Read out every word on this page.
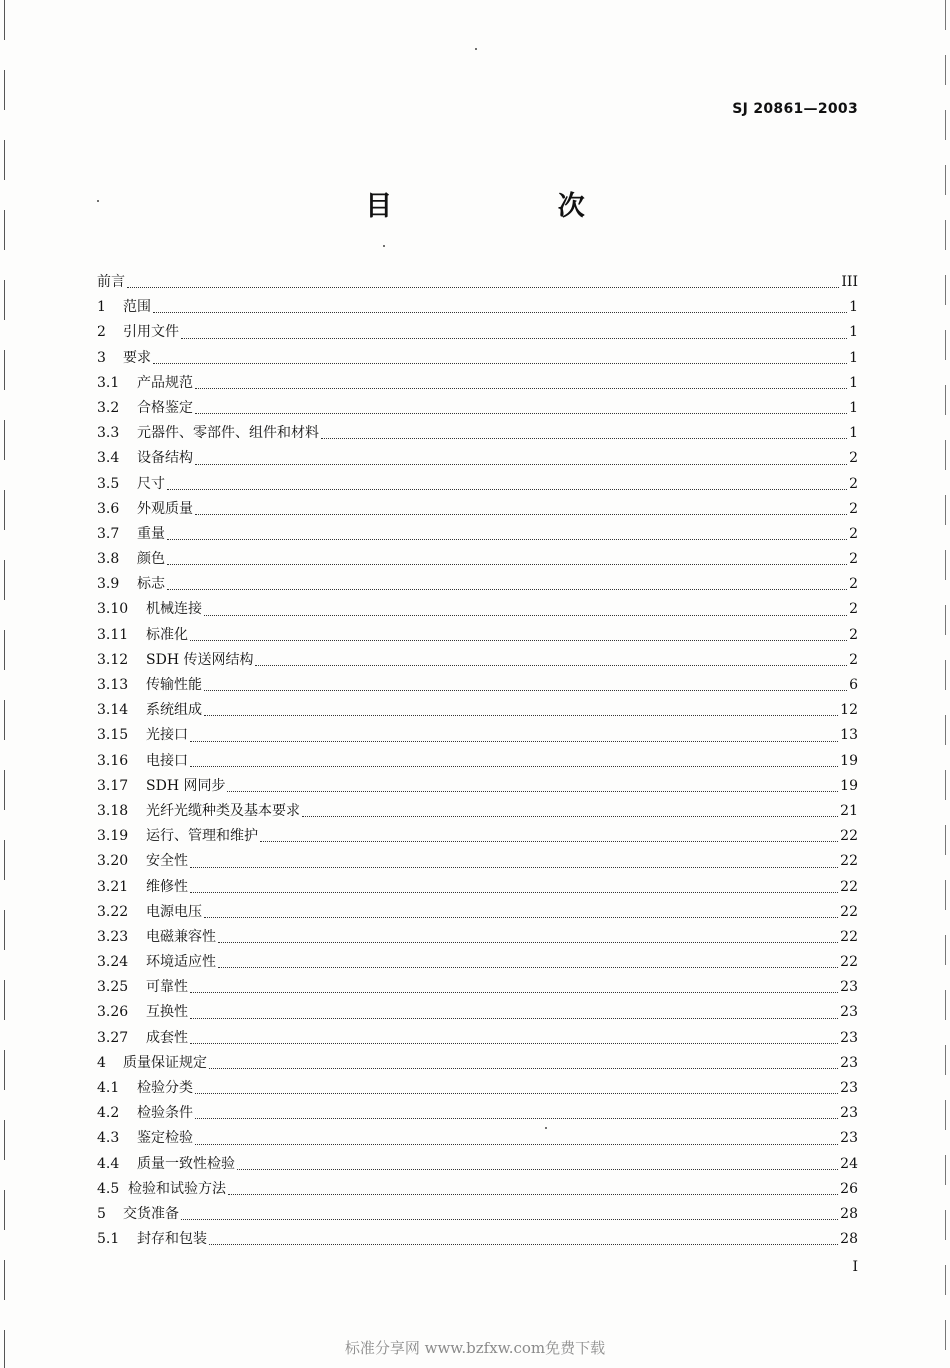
SJ 20861—2003
目 次
前言	III
1	范围	1
2	引用文件	1
3	要求	1
3.1	产品规范	1
3.2	合格鉴定	1
3.3	元器件、零部件、组件和材料	1
3.4	设备结构	2
3.5	尺寸	2
3.6	外观质量	2
3.7	重量	2
3.8	颜色	2
3.9	标志	2
3.10	机械连接	2
3.11	标准化	2
3.12	SDH 传送网结构	2
3.13	传输性能	6
3.14	系统组成	12
3.15	光接口	13
3.16	电接口	19
3.17	SDH 网同步	19
3.18	光纤光缆种类及基本要求	21
3.19	运行、管理和维护	22
3.20	安全性	22
3.21	维修性	22
3.22	电源电压	22
3.23	电磁兼容性	22
3.24	环境适应性	22
3.25	可靠性	23
3.26	互换性	23
3.27	成套性	23
4	质量保证规定	23
4.1	检验分类	23
4.2	检验条件	23
4.3	鉴定检验	23
4.4	质量一致性检验	24
4.5 检验和试验方法	26
5	交货准备	28
5.1	封存和包装	28
I
标准分享网 www.bzfxw.com免费下载
